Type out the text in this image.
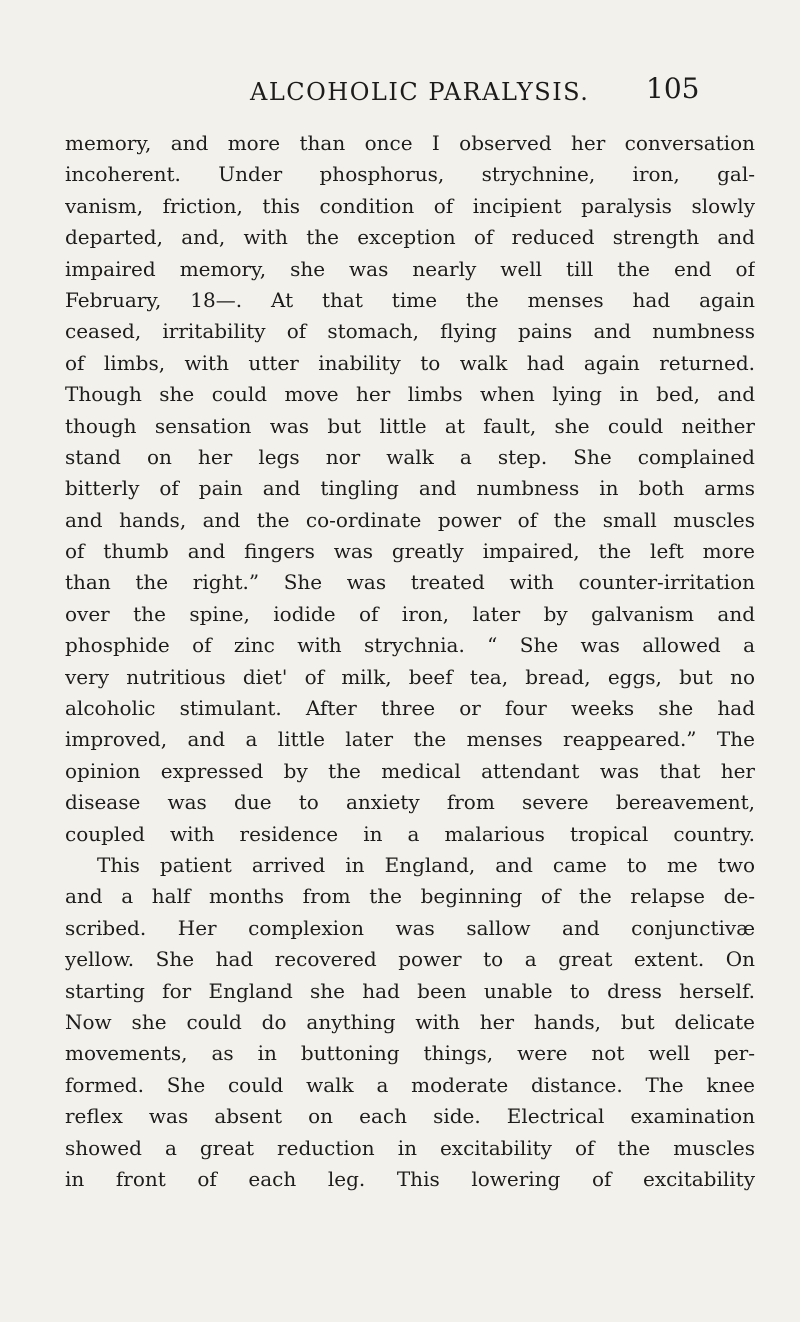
ALCOHOLIC PARALYSIS. 105
memory, and more than once I observed her conversation
incoherent. Under phosphorus, strychnine, iron, gal-
vanism, friction, this condition of incipient paralysis slowly
departed, and, with the exception of reduced strength and
impaired memory, she was nearly well till the end of
February, 18—. At that time the menses had again
ceased, irritability of stomach, flying pains and numbness
of limbs, with utter inability to walk had again returned.
Though she could move her limbs when lying in bed, and
though sensation was but little at fault, she could neither
stand on her legs nor walk a step. She complained
bitterly of pain and tingling and numbness in both arms
and hands, and the co-ordinate power of the small muscles
of thumb and fingers was greatly impaired, the left more
than the right.” She was treated with counter-irritation
over the spine, iodide of iron, later by galvanism and
phosphide of zinc with strychnia. “ She was allowed a
very nutritious diet' of milk, beef tea, bread, eggs, but no
alcoholic stimulant. After three or four weeks she had
improved, and a little later the menses reappeared.” The
opinion expressed by the medical attendant was that her
disease was due to anxiety from severe bereavement,
coupled with residence in a malarious tropical country.
This patient arrived in England, and came to me two
and a half months from the beginning of the relapse de-
scribed. Her complexion was sallow and conjunctivæ
yellow. She had recovered power to a great extent. On
starting for England she had been unable to dress herself.
Now she could do anything with her hands, but delicate
movements, as in buttoning things, were not well per-
formed. She could walk a moderate distance. The knee
reflex was absent on each side. Electrical examination
showed a great reduction in excitability of the muscles
in front of each leg. This lowering of excitability
